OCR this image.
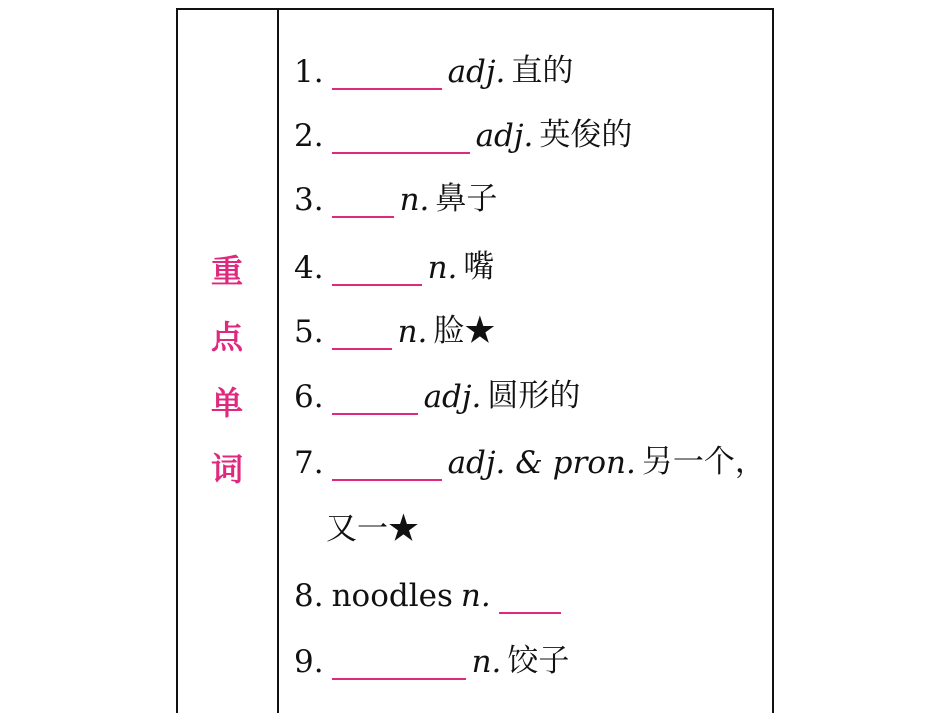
重
点
单
词
1.	adj. 直的
2.	adj. 英俊的
3. n. 鼻子
4.	n. 嘴
5. n. 脸★
6.	adj. 圆形的
7.	adj. & pron. 另一个，
又一★
8. noodles n.
9.	n. 饺子
